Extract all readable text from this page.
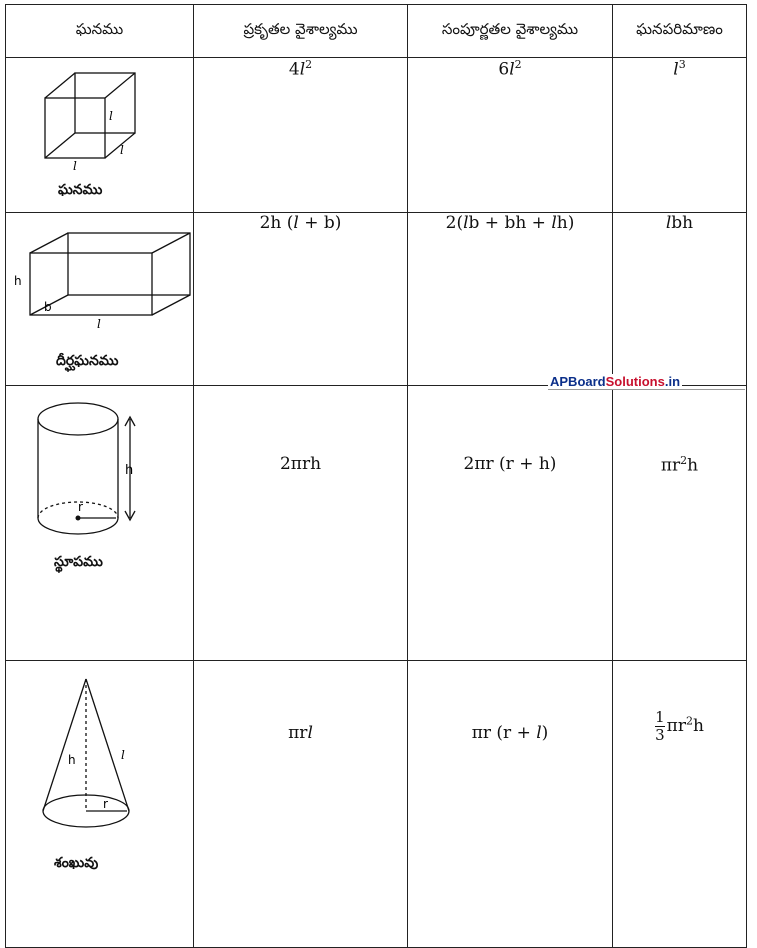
ఘనము	ప్రకృతల వైశాల్యము	సంపూర్ణతల వైశాల్యము	ఘనపరిమాణం

l
l
l
ఘనము	$4l^2$	$6l^2$	$l^3$

h
b
l
దీర్ఘఘనము	2h (l + b)	2(lb + bh + lh)	lbh

h
r
స్థూపము	2πrh	2πr (r + h)	$\pi r^2h$

h l
r
శంఖువు	πrl	πr (r + l)	$\frac{1}{3} \pi r^2h$
APBoardSolutions.in
